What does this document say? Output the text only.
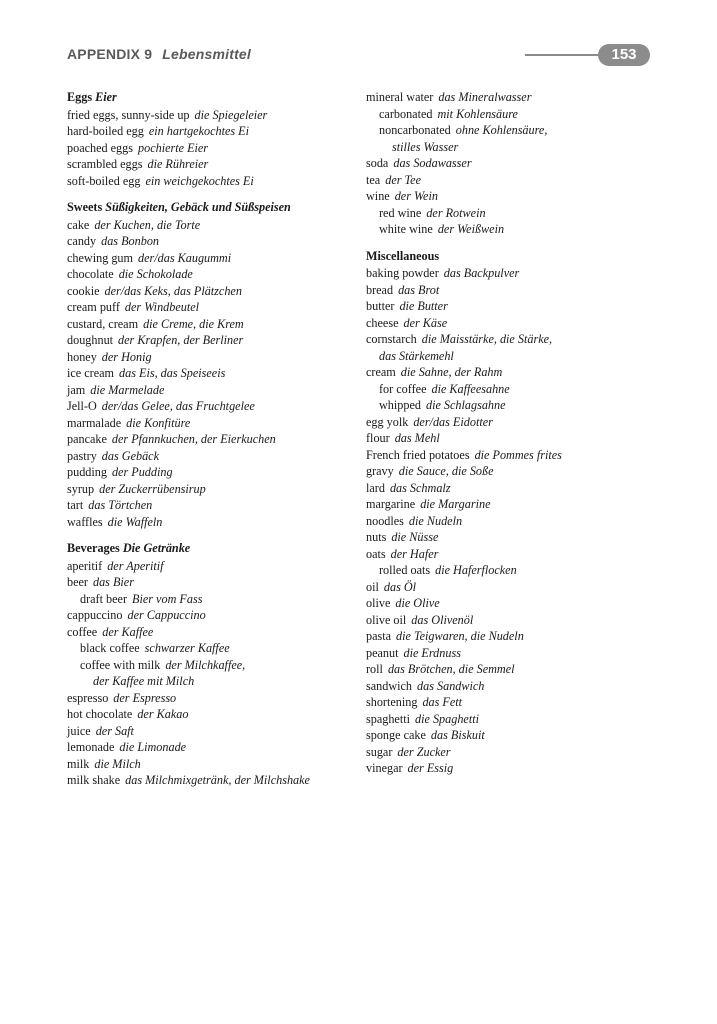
APPENDIX 9 Lebensmittel	153
Eggs Eier
fried eggs, sunny-side up die Spiegeleier
hard-boiled egg ein hartgekochtes Ei
poached eggs pochierte Eier
scrambled eggs die Rühreier
soft-boiled egg ein weichgekochtes Ei
Sweets Süßigkeiten, Gebäck und Süßspeisen
cake der Kuchen, die Torte
candy das Bonbon
chewing gum der/das Kaugummi
chocolate die Schokolade
cookie der/das Keks, das Plätzchen
cream puff der Windbeutel
custard, cream die Creme, die Krem
doughnut der Krapfen, der Berliner
honey der Honig
ice cream das Eis, das Speiseeis
jam die Marmelade
Jell-O der/das Gelee, das Fruchtgelee
marmalade die Konfitüre
pancake der Pfannkuchen, der Eierkuchen
pastry das Gebäck
pudding der Pudding
syrup der Zuckerrübensirup
tart das Törtchen
waffles die Waffeln
Beverages Die Getränke
aperitif der Aperitif
beer das Bier
draft beer Bier vom Fass
cappuccino der Cappuccino
coffee der Kaffee
black coffee schwarzer Kaffee
coffee with milk der Milchkaffee,
der Kaffee mit Milch
espresso der Espresso
hot chocolate der Kakao
juice der Saft
lemonade die Limonade
milk die Milch
milk shake das Milchmixgetränk, der Milchshake
mineral water das Mineralwasser
carbonated mit Kohlensäure
noncarbonated ohne Kohlensäure,
stilles Wasser
soda das Sodawasser
tea der Tee
wine der Wein
red wine der Rotwein
white wine der Weißwein
Miscellaneous
baking powder das Backpulver
bread das Brot
butter die Butter
cheese der Käse
cornstarch die Maisstärke, die Stärke,
das Stärkemehl
cream die Sahne, der Rahm
for coffee die Kaffeesahne
whipped die Schlagsahne
egg yolk der/das Eidotter
flour das Mehl
French fried potatoes die Pommes frites
gravy die Sauce, die Soße
lard das Schmalz
margarine die Margarine
noodles die Nudeln
nuts die Nüsse
oats der Hafer
rolled oats die Haferflocken
oil das Öl
olive die Olive
olive oil das Olivenöl
pasta die Teigwaren, die Nudeln
peanut die Erdnuss
roll das Brötchen, die Semmel
sandwich das Sandwich
shortening das Fett
spaghetti die Spaghetti
sponge cake das Biskuit
sugar der Zucker
vinegar der Essig
